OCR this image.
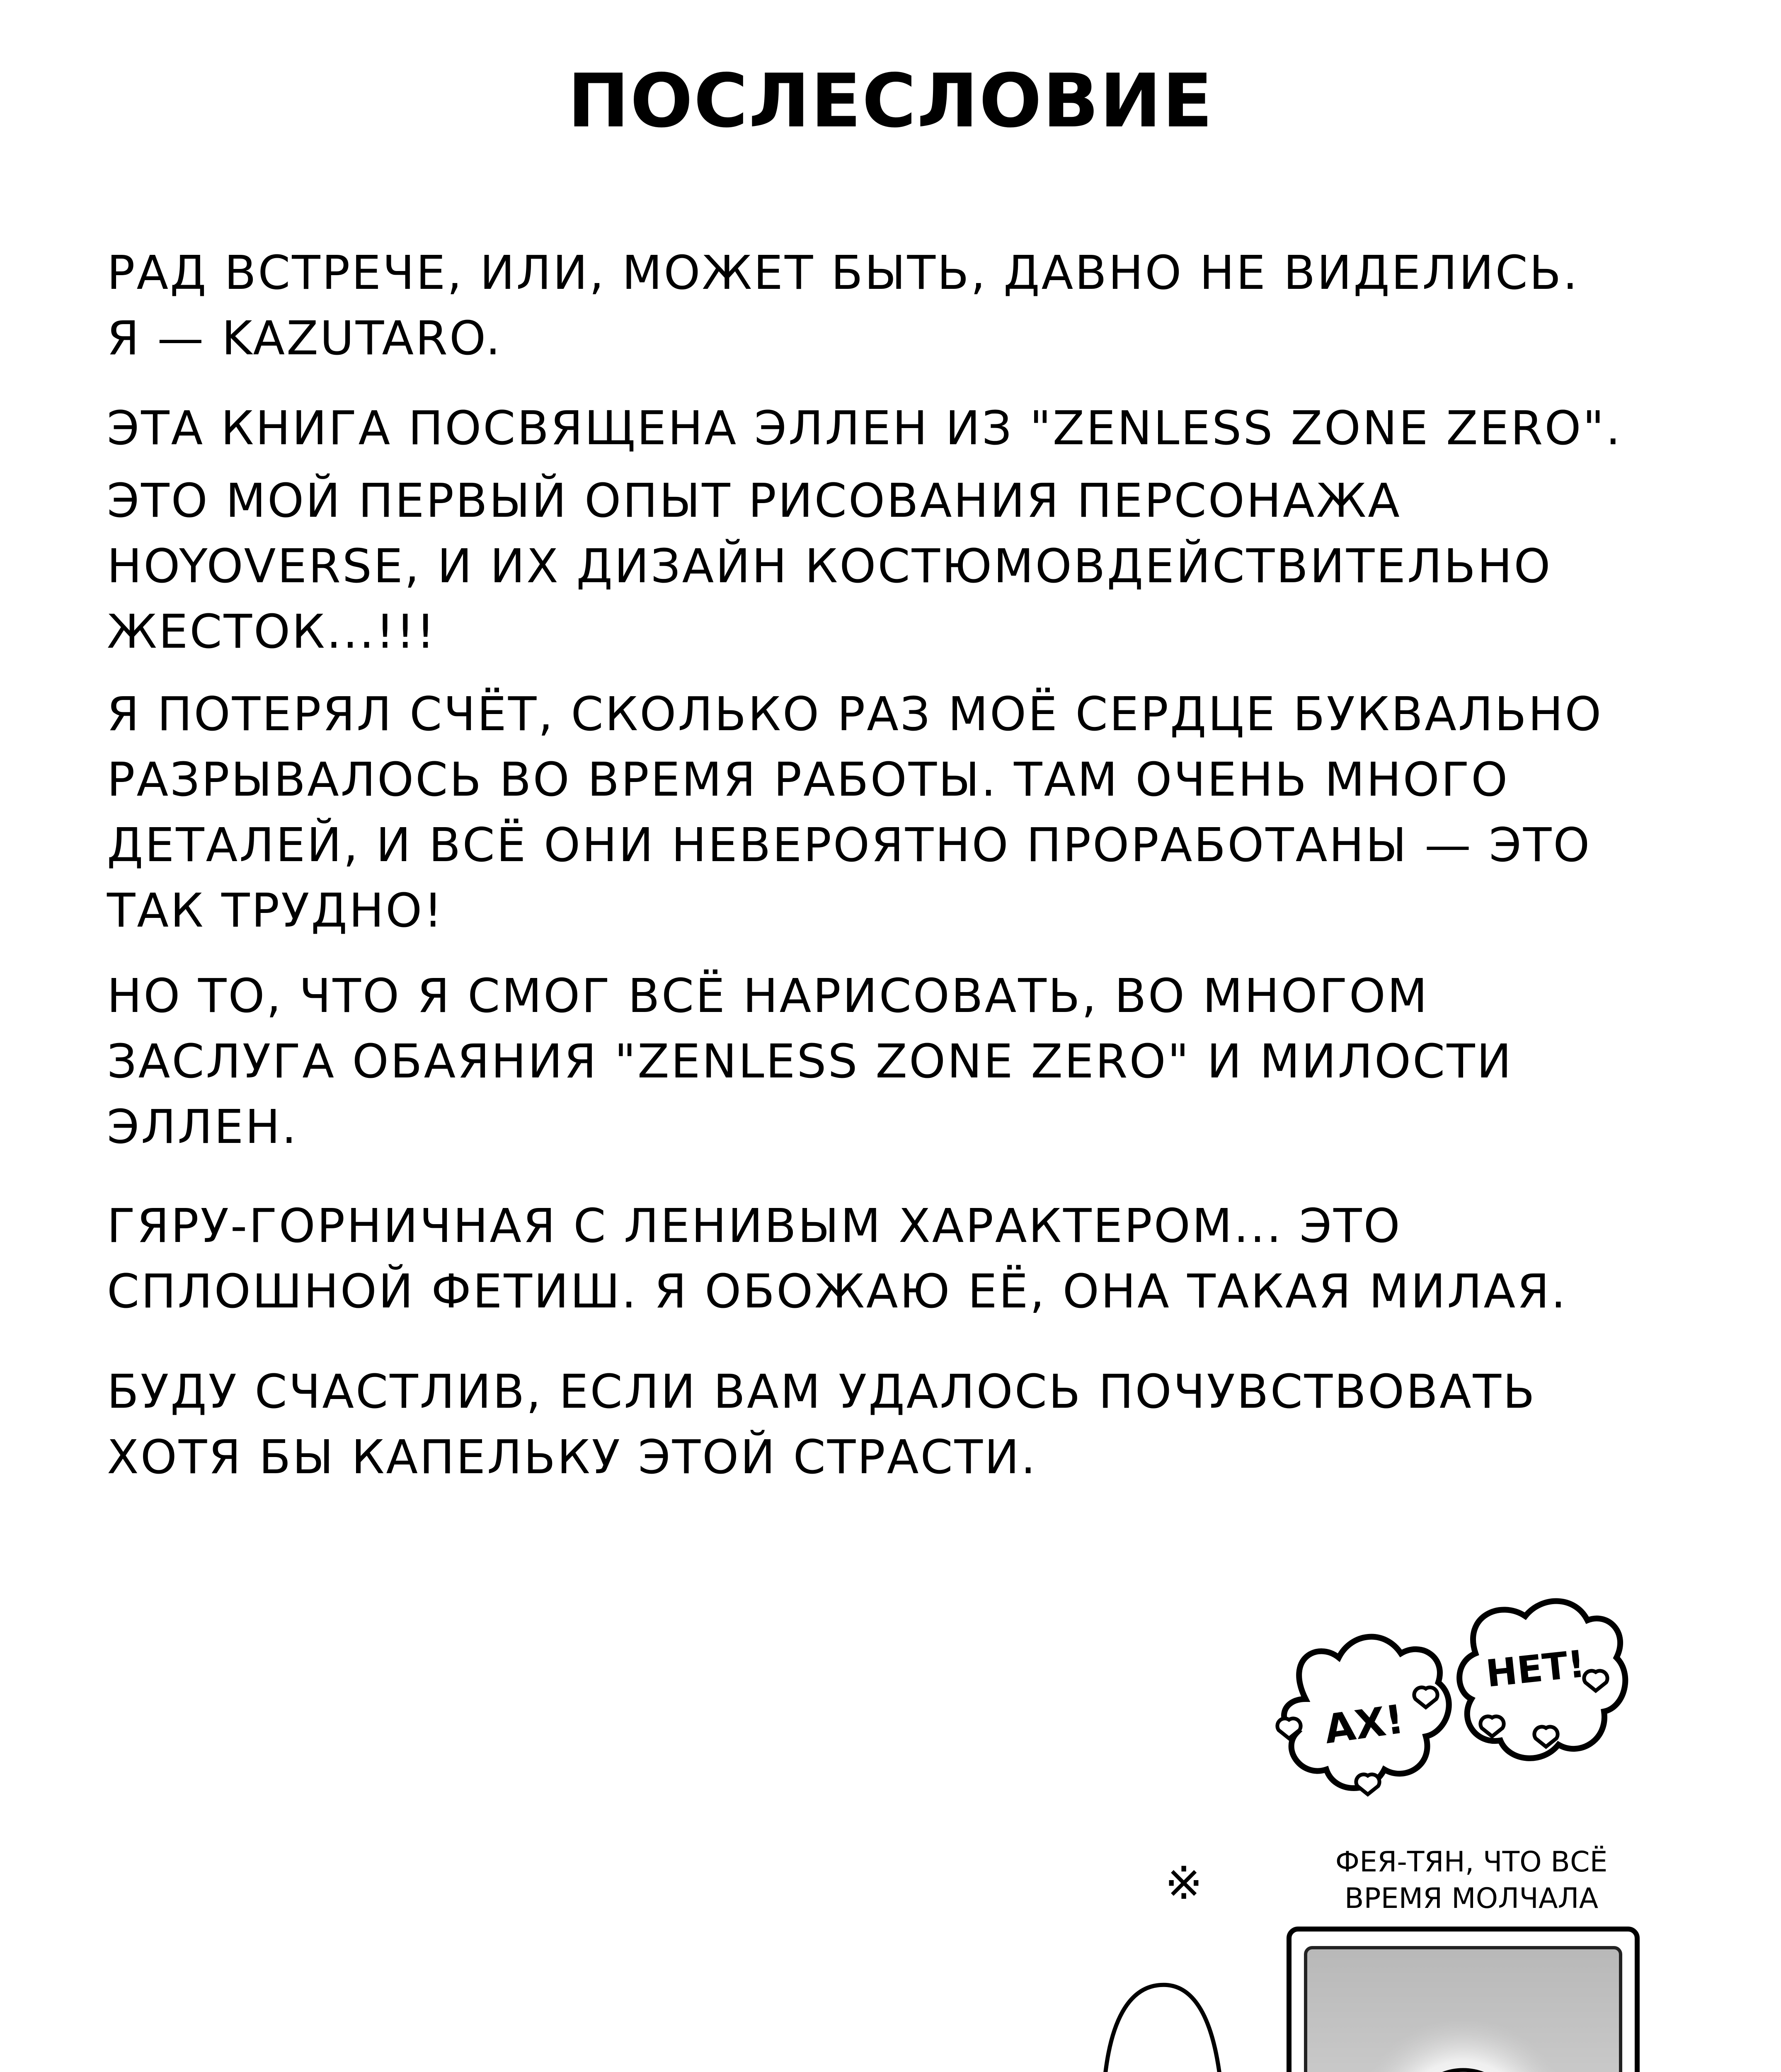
ПОСЛЕСЛОВИЕ
РАД ВСТРЕЧЕ, ИЛИ, МОЖЕТ БЫТЬ, ДАВНО НЕ ВИДЕЛИСЬ.
Я — KAZUTARO.
ЭТА КНИГА ПОСВЯЩЕНА ЭЛЛЕН ИЗ "ZENLESS ZONE ZERO".
ЭТО МОЙ ПЕРВЫЙ ОПЫТ РИСОВАНИЯ ПЕРСОНАЖА
HOYOVERSE, И ИХ ДИЗАЙН КОСТЮМОВДЕЙСТВИТЕЛЬНО
ЖЕСТОК...!!!
Я ПОТЕРЯЛ СЧЁТ, СКОЛЬКО РАЗ МОЁ СЕРДЦЕ БУКВАЛЬНО
РАЗРЫВАЛОСЬ ВО ВРЕМЯ РАБОТЫ. ТАМ ОЧЕНЬ МНОГО
ДЕТАЛЕЙ, И ВСЁ ОНИ НЕВЕРОЯТНО ПРОРАБОТАНЫ — ЭТО
ТАК ТРУДНО!
НО ТО, ЧТО Я СМОГ ВСЁ НАРИСОВАТЬ, ВО МНОГОМ
ЗАСЛУГА ОБАЯНИЯ "ZENLESS ZONE ZERO" И МИЛОСТИ
ЭЛЛЕН.
ГЯРУ-ГОРНИЧНАЯ С ЛЕНИВЫМ ХАРАКТЕРОМ... ЭТО
СПЛОШНОЙ ФЕТИШ. Я ОБОЖАЮ ЕЁ, ОНА ТАКАЯ МИЛАЯ.
БУДУ СЧАСТЛИВ, ЕСЛИ ВАМ УДАЛОСЬ ПОЧУВСТВОВАТЬ
ХОТЯ БЫ КАПЕЛЬКУ ЭТОЙ СТРАСТИ.
АХ!
НЕТ!
※	ФЕЯ-ТЯН, ЧТО ВСЁ
ВРЕМЯ МОЛЧАЛА
